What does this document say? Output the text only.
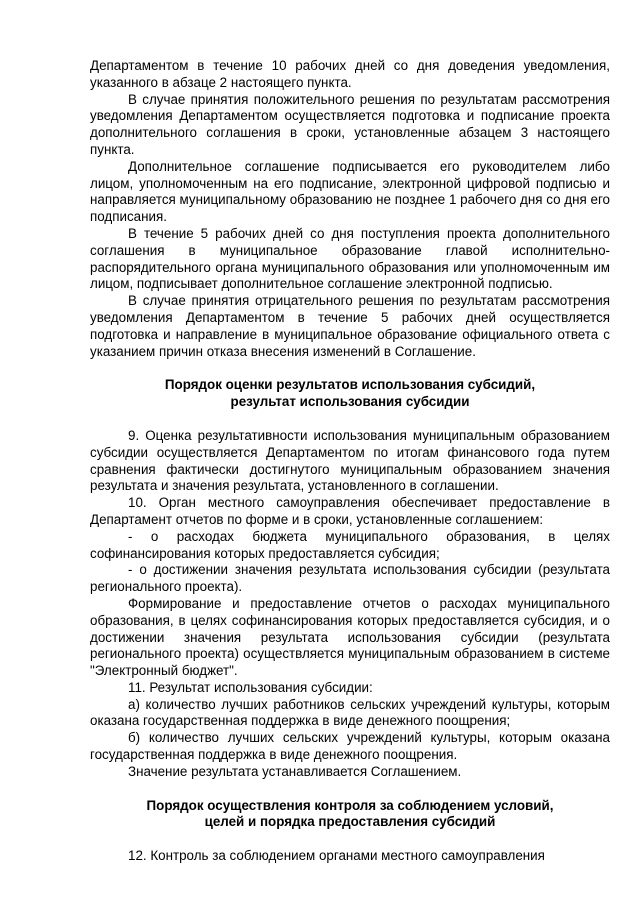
Департаментом в течение 10 рабочих дней со дня доведения уведомления, указанного в абзаце 2 настоящего пункта.

В случае принятия положительного решения по результатам рассмотрения уведомления Департаментом осуществляется подготовка и подписание проекта дополнительного соглашения в сроки, установленные абзацем 3 настоящего пункта.

Дополнительное соглашение подписывается его руководителем либо лицом, уполномоченным на его подписание, электронной цифровой подписью и направляется муниципальному образованию не позднее 1 рабочего дня со дня его подписания.

В течение 5 рабочих дней со дня поступления проекта дополнительного соглашения в муниципальное образование главой исполнительно-распорядительного органа муниципального образования или уполномоченным им лицом, подписывает дополнительное соглашение электронной подписью.

В случае принятия отрицательного решения по результатам рассмотрения уведомления Департаментом в течение 5 рабочих дней осуществляется подготовка и направление в муниципальное образование официального ответа с указанием причин отказа внесения изменений в Соглашение.

Порядок оценки результатов использования субсидий,
результат использования субсидии

9. Оценка результативности использования муниципальным образованием субсидии осуществляется Департаментом по итогам финансового года путем сравнения фактически достигнутого муниципальным образованием значения результата и значения результата, установленного в соглашении.

10. Орган местного самоуправления обеспечивает предоставление в Департамент отчетов по форме и в сроки, установленные соглашением:

- о расходах бюджета муниципального образования, в целях софинансирования которых предоставляется субсидия;

- о достижении значения результата использования субсидии (результата регионального проекта).

Формирование и предоставление отчетов о расходах муниципального образования, в целях софинансирования которых предоставляется субсидия, и о достижении значения результата использования субсидии (результата регионального проекта) осуществляется муниципальным образованием в системе "Электронный бюджет".

11. Результат использования субсидии:

а) количество лучших работников сельских учреждений культуры, которым оказана государственная поддержка в виде денежного поощрения;

б) количество лучших сельских учреждений культуры, которым оказана государственная поддержка в виде денежного поощрения.

Значение результата устанавливается Соглашением.

Порядок осуществления контроля за соблюдением условий,
целей и порядка предоставления субсидий

12. Контроль за соблюдением органами местного самоуправления
